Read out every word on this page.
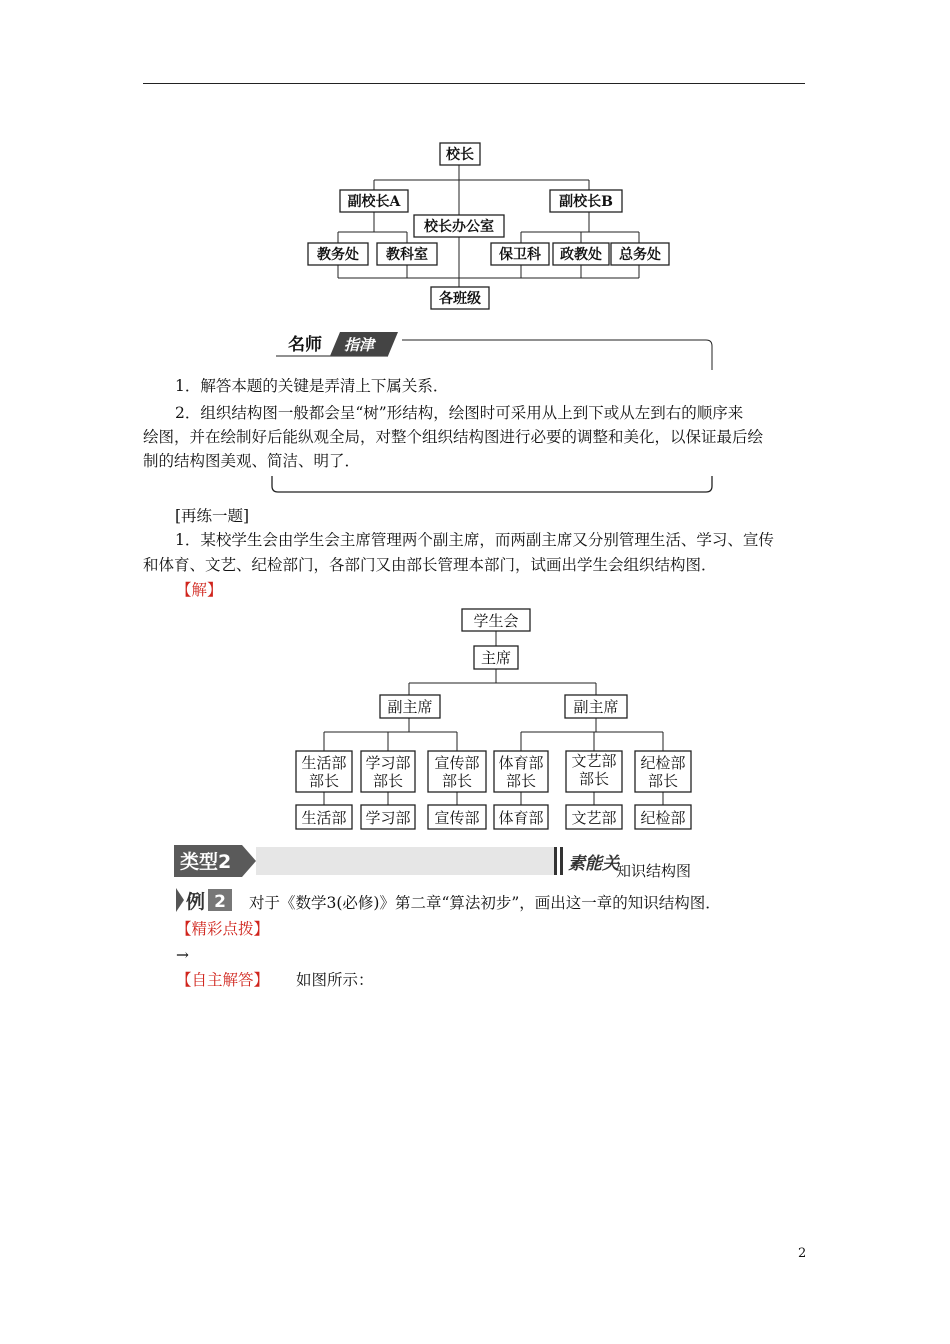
校长
副校长A	副校长B
校长办公室
教务处 教科室	保卫科 政教处 总务处
各班级
名师 指津
学生会
主席
副主席	副主席
生活部
部长
学习部
部长
宣传部
部长
体育部
部长
文艺部
部长
纪检部
部长
生活部 学习部 宣传部 体育部 文艺部 纪检部
类型2	素能关
例 2
1．解答本题的关键是弄清上下属关系．
2．组织结构图一般都会呈“树”形结构，绘图时可采用从上到下或从左到右的顺序来
绘图，并在绘制好后能纵观全局，对整个组织结构图进行必要的调整和美化，以保证最后绘
制的结构图美观、简洁、明了．
[再练一题]
1．某校学生会由学生会主席管理两个副主席，而两副主席又分别管理生活、学习、宣传
和体育、文艺、纪检部门，各部门又由部长管理本部门，试画出学生会组织结构图．
【解】
知识结构图
对于《数学3(必修)》第二章“算法初步”，画出这一章的知识结构图．
【精彩点拨】
→
【自主解答】 如图所示：
2
